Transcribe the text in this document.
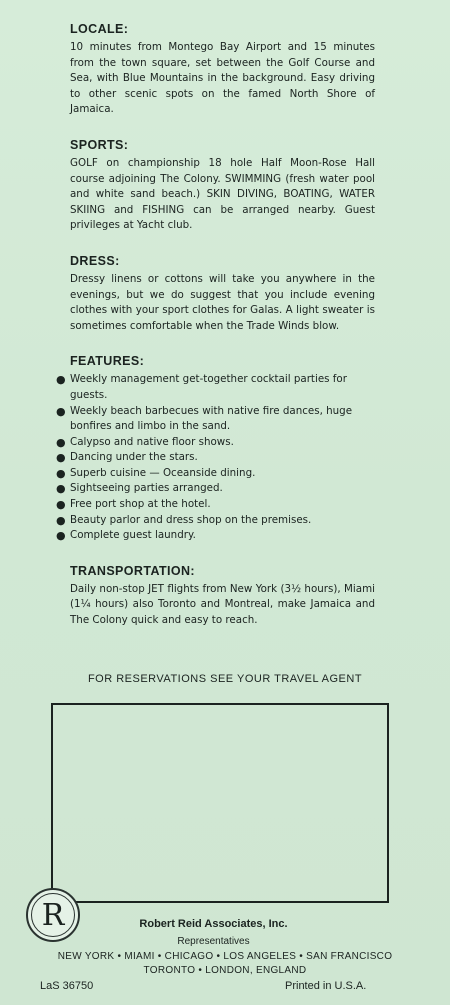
LOCALE:

10 minutes from Montego Bay Airport and 15 minutes from the town square, set between the Golf Course and Sea, with Blue Mountains in the background. Easy driving to other scenic spots on the famed North Shore of Jamaica.

SPORTS:

GOLF on championship 18 hole Half Moon-Rose Hall course adjoining The Colony. SWIMMING (fresh water pool and white sand beach.) SKIN DIVING, BOATING, WATER SKIING and FISHING can be arranged nearby. Guest privileges at Yacht club.

DRESS:

Dressy linens or cottons will take you anywhere in the evenings, but we do suggest that you include evening clothes with your sport clothes for Galas. A light sweater is sometimes comfortable when the Trade Winds blow.

FEATURES:

● Weekly management get-together cocktail parties for guests.
● Weekly beach barbecues with native fire dances, huge bonfires and limbo in the sand.
● Calypso and native floor shows.
● Dancing under the stars.
● Superb cuisine — Oceanside dining.
● Sightseeing parties arranged.
● Free port shop at the hotel.
● Beauty parlor and dress shop on the premises.
● Complete guest laundry.

TRANSPORTATION:

Daily non-stop JET flights from New York (3½ hours), Miami (1¼ hours) also Toronto and Montreal, make Jamaica and The Colony quick and easy to reach.

FOR RESERVATIONS SEE YOUR TRAVEL AGENT
R	Robert Reid Associates, Inc.
Representatives
NEW YORK • MIAMI • CHICAGO • LOS ANGELES • SAN FRANCISCO
TORONTO • LONDON, ENGLAND
LaS 36750	Printed in U.S.A.
